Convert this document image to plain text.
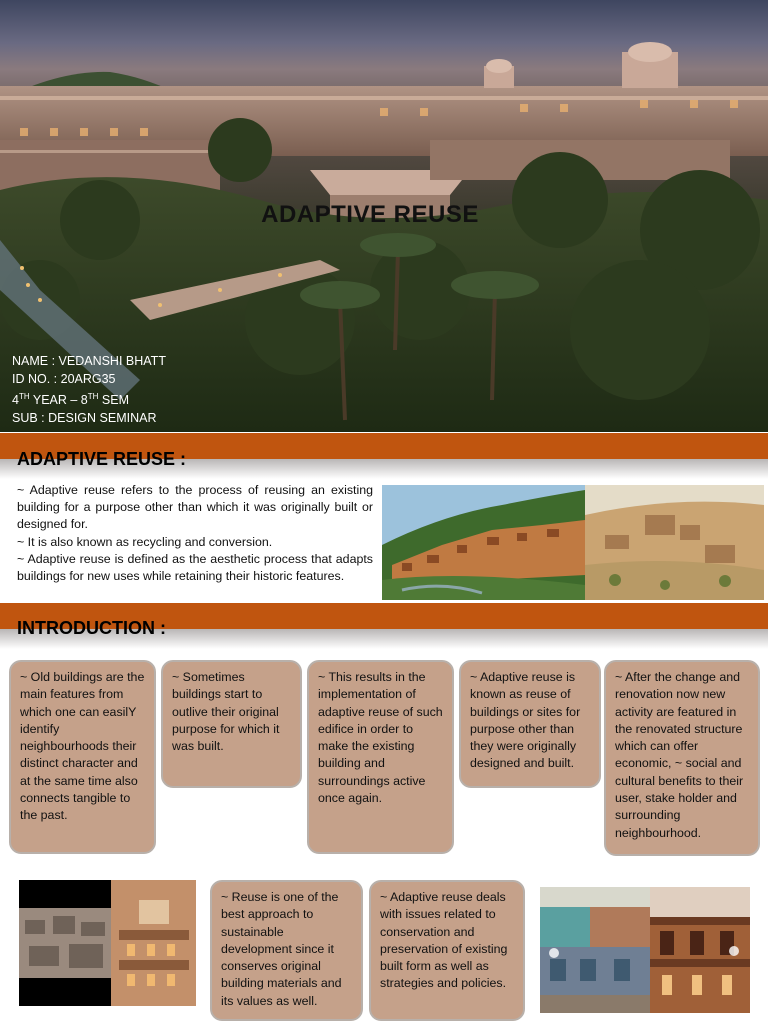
ADAPTIVE REUSE
NAME : VEDANSHI BHATT
ID NO. : 20ARG35
4TH YEAR – 8TH SEM
SUB : DESIGN SEMINAR
ADAPTIVE REUSE :

~ Adaptive reuse refers to the process of reusing an existing building for a purpose other than which it was originally built or designed for.

~ It is also known as recycling and conversion.

~ Adaptive reuse is defined as the aesthetic process that adapts buildings for new uses while retaining their historic features.

INTRODUCTION :
~ Old buildings are the main features from which one can easilY identify neighbourhoods their distinct character and at the same time also connects tangible to the past.
~ Sometimes buildings start to outlive their original purpose for which it was built.
~ This results in the implementation of adaptive reuse of such edifice in order to make the existing building and surroundings active once again.
~ Adaptive reuse is known as reuse of buildings or sites for purpose other than they were originally designed and built.
~ After the change and renovation now new activity are featured in the renovated structure which can offer economic, ~ social and cultural benefits to their user, stake holder and surrounding neighbourhood.
~ Reuse is one of the best approach to sustainable development since it conserves original building materials and its values as well.
~ Adaptive reuse deals with issues related to conservation and preservation of existing built form as well as strategies and policies.
